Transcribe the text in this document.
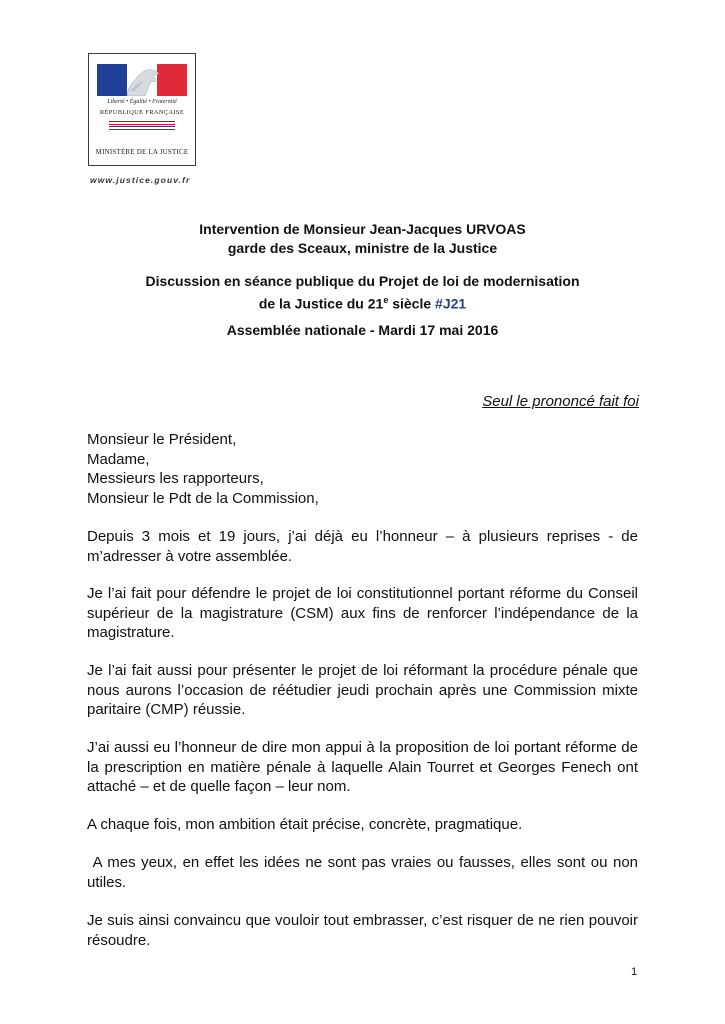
Liberté • Égalité • Fraternité
RÉPUBLIQUE FRANÇAISE
MINISTÈRE DE LA JUSTICE
www.justice.gouv.fr
Intervention de Monsieur Jean-Jacques URVOAS
garde des Sceaux, ministre de la Justice
Discussion en séance publique du Projet de loi de modernisation
de la Justice du 21e siècle #J21
Assemblée nationale - Mardi 17 mai 2016
Seul le prononcé fait foi
Monsieur le Président,
Madame,
Messieurs les rapporteurs,
Monsieur le Pdt de la Commission,
Depuis 3 mois et 19 jours, j’ai déjà eu l’honneur – à plusieurs reprises - de m’adresser à votre assemblée.
Je l’ai fait pour défendre le projet de loi constitutionnel portant réforme du Conseil supérieur de la magistrature (CSM) aux fins de renforcer l’indépendance de la magistrature.
Je l’ai fait aussi pour présenter le projet de loi réformant la procédure pénale que nous aurons l’occasion de réétudier jeudi prochain après une Commission mixte paritaire (CMP) réussie.
J’ai aussi eu l’honneur de dire mon appui à la proposition de loi portant réforme de la prescription en matière pénale à laquelle Alain Tourret et Georges Fenech ont attaché – et de quelle façon – leur nom.
A chaque fois, mon ambition était précise, concrète, pragmatique.
A mes yeux, en effet les idées ne sont pas vraies ou fausses, elles sont ou non utiles.
Je suis ainsi convaincu que vouloir tout embrasser, c’est risquer de ne rien pouvoir résoudre.
1
